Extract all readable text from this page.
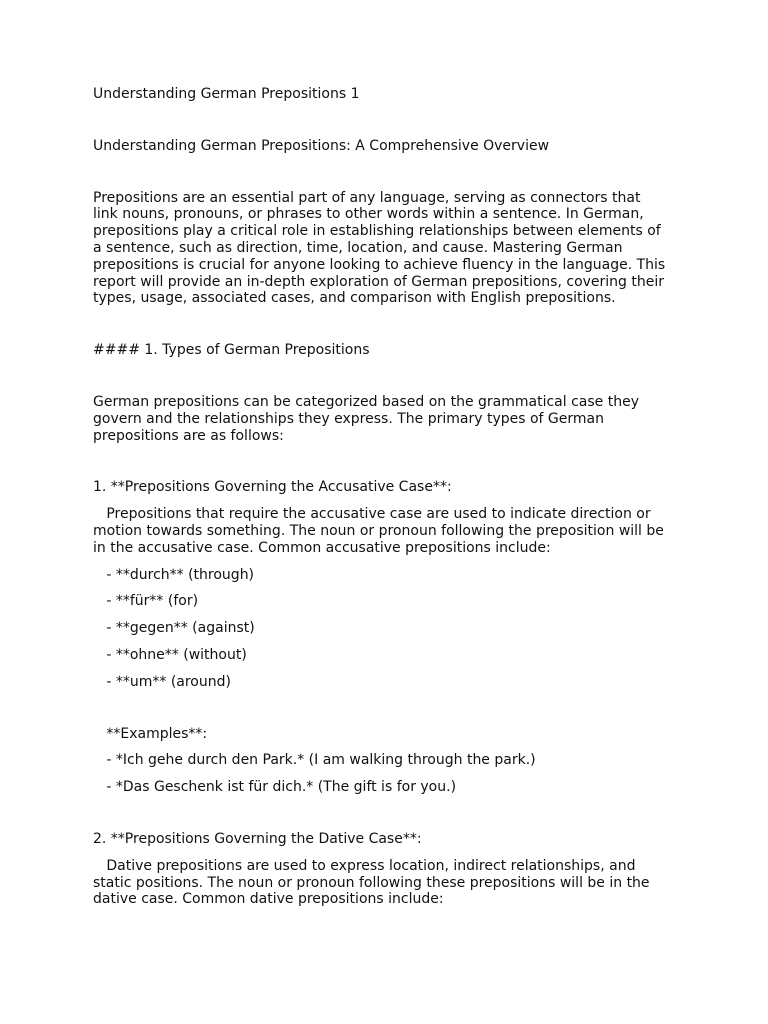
Understanding German Prepositions 1

Understanding German Prepositions: A Comprehensive Overview

Prepositions are an essential part of any language, serving as connectors that
link nouns, pronouns, or phrases to other words within a sentence. In German,
prepositions play a critical role in establishing relationships between elements of
a sentence, such as direction, time, location, and cause. Mastering German
prepositions is crucial for anyone looking to achieve fluency in the language. This
report will provide an in-depth exploration of German prepositions, covering their
types, usage, associated cases, and comparison with English prepositions.

#### 1. Types of German Prepositions

German prepositions can be categorized based on the grammatical case they
govern and the relationships they express. The primary types of German
prepositions are as follows:

1. **Prepositions Governing the Accusative Case**:

Prepositions that require the accusative case are used to indicate direction or
motion towards something. The noun or pronoun following the preposition will be
in the accusative case. Common accusative prepositions include:

- **durch** (through)

- **für** (for)

- **gegen** (against)

- **ohne** (without)

- **um** (around)

**Examples**:

- *Ich gehe durch den Park.* (I am walking through the park.)

- *Das Geschenk ist für dich.* (The gift is for you.)

2. **Prepositions Governing the Dative Case**:

Dative prepositions are used to express location, indirect relationships, and
static positions. The noun or pronoun following these prepositions will be in the
dative case. Common dative prepositions include:
